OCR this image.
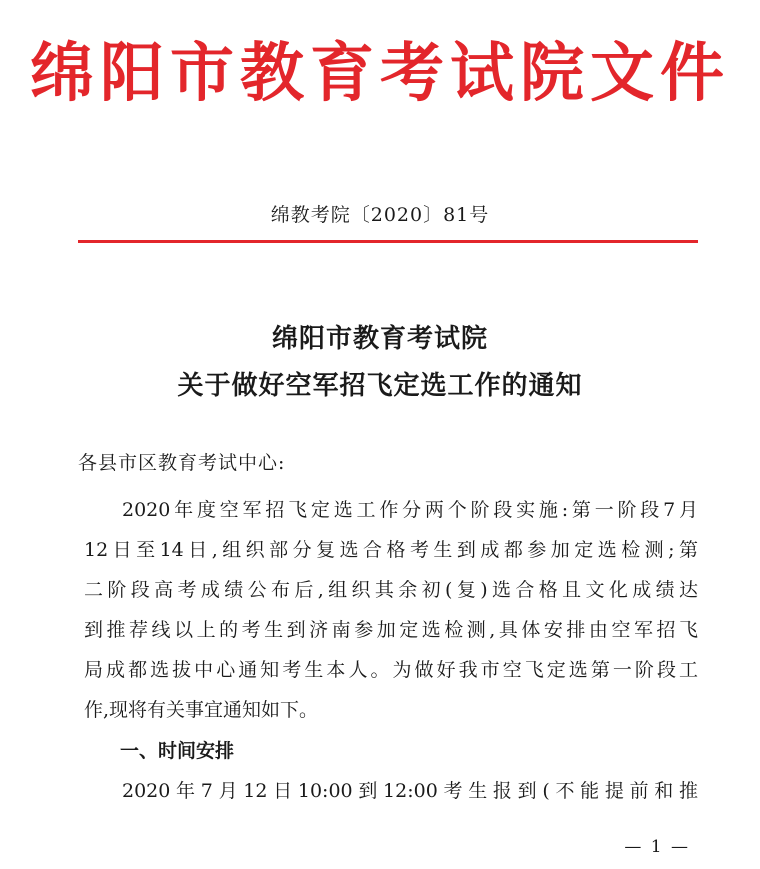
绵阳市教育考试院文件
绵教考院〔2020〕81号
绵阳市教育考试院
关于做好空军招飞定选工作的通知
各县市区教育考试中心:
2020年度空军招飞定选工作分两个阶段实施:第一阶段7月
12日至14日,组织部分复选合格考生到成都参加定选检测;第
二阶段高考成绩公布后,组织其余初(复)选合格且文化成绩达
到推荐线以上的考生到济南参加定选检测,具体安排由空军招飞
局成都选拔中心通知考生本人。为做好我市空飞定选第一阶段工
作,现将有关事宜通知如下。
一、时间安排
2020年7月12日10:00到12:00考生报到(不能提前和推
— 1 —
